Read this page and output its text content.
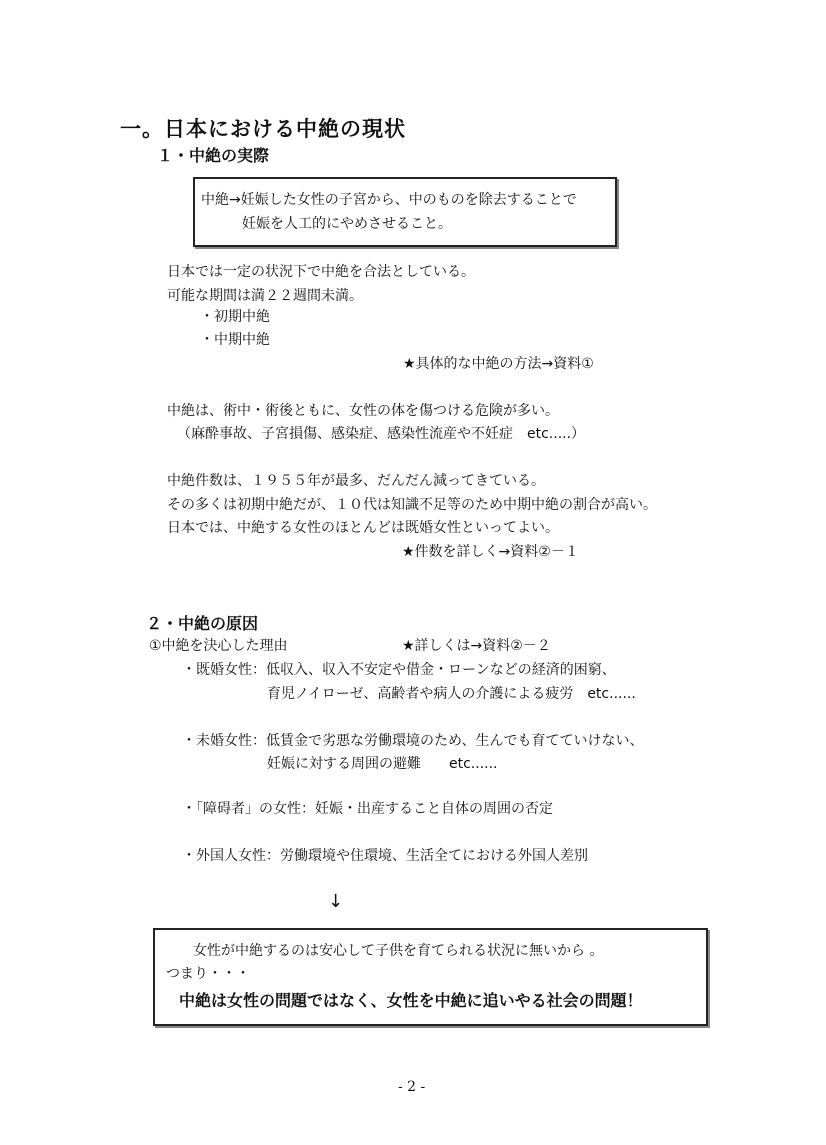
一。日本における中絶の現状
１・中絶の実際
中絶→妊娠した女性の子宮から、中のものを除去することで
妊娠を人工的にやめさせること。
日本では一定の状況下で中絶を合法としている。
可能な期間は満２２週間未満。
・初期中絶
・中期中絶
★具体的な中絶の方法→資料①
中絶は、術中・術後ともに、女性の体を傷つける危険が多い。
（麻酔事故、子宮損傷、感染症、感染性流産や不妊症　etc.....）
中絶件数は、１９５５年が最多、だんだん減ってきている。
その多くは初期中絶だが、１０代は知識不足等のため中期中絶の割合が高い。
日本では、中絶する女性のほとんどは既婚女性といってよい。
★件数を詳しく→資料②－１
２・中絶の原因
①中絶を決心した理由	★詳しくは→資料②－２
・既婚女性：低収入、収入不安定や借金・ローンなどの経済的困窮、
育児ノイローゼ、高齢者や病人の介護による疲労　etc......
・未婚女性：低賃金で劣悪な労働環境のため、生んでも育てていけない、
妊娠に対する周囲の避難　　etc......
・「障碍者」の女性：妊娠・出産すること自体の周囲の否定
・外国人女性：労働環境や住環境、生活全てにおける外国人差別
↓
女性が中絶するのは安心して子供を育てられる状況に無いから 。
つまり・・・
中絶は女性の問題ではなく、女性を中絶に追いやる社会の問題！
- 2 -
